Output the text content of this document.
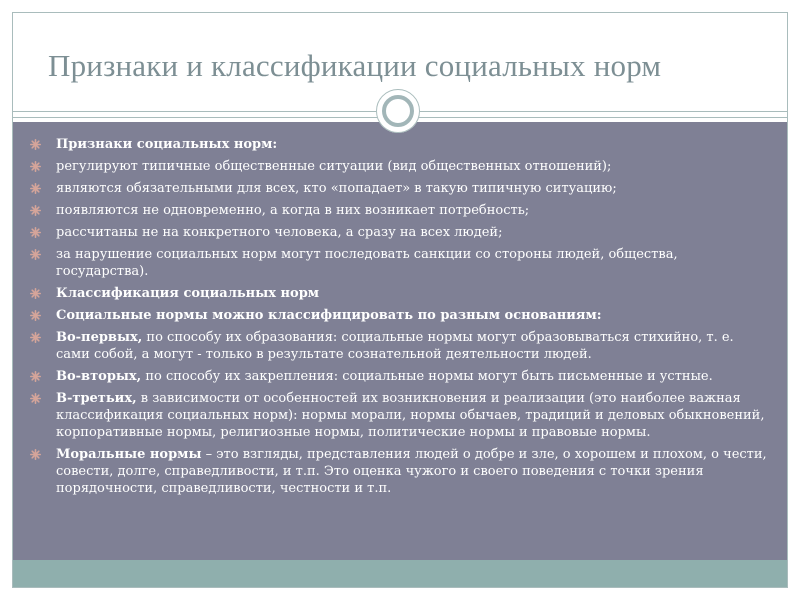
Признаки и классификации социальных норм
Признаки социальных норм:
регулируют типичные общественные ситуации (вид общественных отношений);
являются обязательными для всех, кто «попадает» в такую типичную ситуацию;
появляются не одновременно, а когда в них возникает потребность;
рассчитаны не на конкретного человека, а сразу на всех людей;
за нарушение социальных норм могут последовать санкции со стороны людей, общества, государства).
Классификация социальных норм
Социальные нормы можно классифицировать по разным основаниям:
Во-первых, по способу их образования: социальные нормы могут образовываться стихийно, т. е. сами собой, а могут - только в результате сознательной деятельности людей.
Во-вторых, по способу их закрепления: социальные нормы могут быть письменные и устные.
В-третьих, в зависимости от особенностей их возникновения и реализации (это наиболее важная классификация социальных норм): нормы морали, нормы обычаев, традиций и деловых обыкновений, корпоративные нормы, религиозные нормы, политические нормы и правовые нормы.
Моральные нормы – это взгляды, представления людей о добре и зле, о хорошем и плохом, о чести, совести, долге, справедливости, и т.п. Это оценка чужого и своего поведения с точки зрения порядочности, справедливости, честности и т.п.
